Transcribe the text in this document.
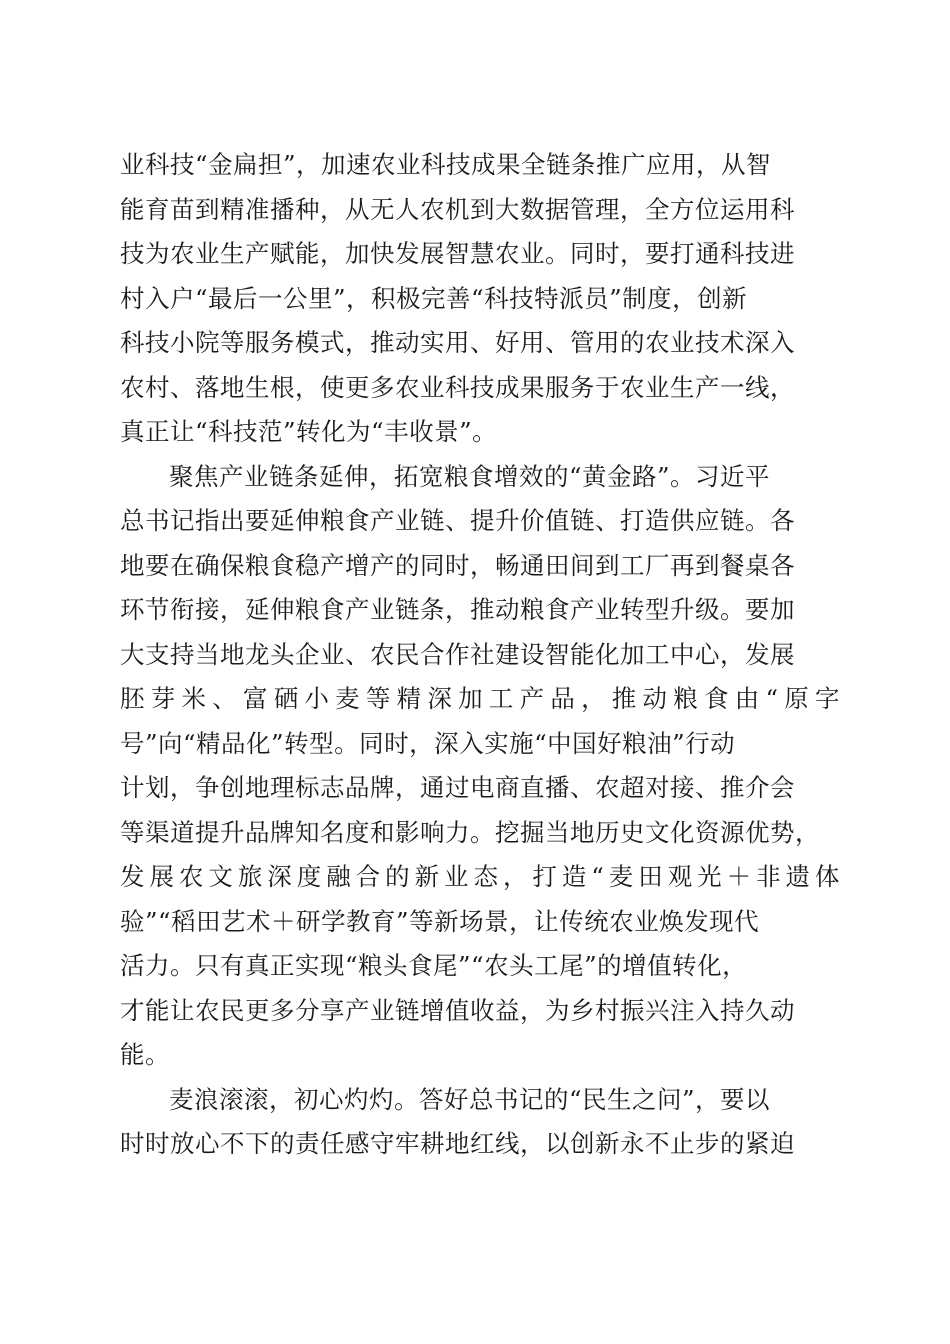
业科技“金扁担”，加速农业科技成果全链条推广应用，从智
能育苗到精准播种，从无人农机到大数据管理，全方位运用科
技为农业生产赋能，加快发展智慧农业。同时，要打通科技进
村入户“最后一公里”，积极完善“科技特派员”制度，创新
科技小院等服务模式，推动实用、好用、管用的农业技术深入
农村、落地生根，使更多农业科技成果服务于农业生产一线，
真正让“科技范”转化为“丰收景”。
聚焦产业链条延伸，拓宽粮食增效的“黄金路”。习近平
总书记指出要延伸粮食产业链、提升价值链、打造供应链。各
地要在确保粮食稳产增产的同时，畅通田间到工厂再到餐桌各
环节衔接，延伸粮食产业链条，推动粮食产业转型升级。要加
大支持当地龙头企业、农民合作社建设智能化加工中心，发展
胚芽米、富硒小麦等精深加工产品，推动粮食由“原字
号”向“精品化”转型。同时，深入实施“中国好粮油”行动
计划，争创地理标志品牌，通过电商直播、农超对接、推介会
等渠道提升品牌知名度和影响力。挖掘当地历史文化资源优势，
发展农文旅深度融合的新业态，打造“麦田观光＋非遗体
验”“稻田艺术＋研学教育”等新场景，让传统农业焕发现代
活力。只有真正实现“粮头食尾”“农头工尾”的增值转化，
才能让农民更多分享产业链增值收益，为乡村振兴注入持久动
能。
麦浪滚滚，初心灼灼。答好总书记的“民生之问”，要以
时时放心不下的责任感守牢耕地红线，以创新永不止步的紧迫
